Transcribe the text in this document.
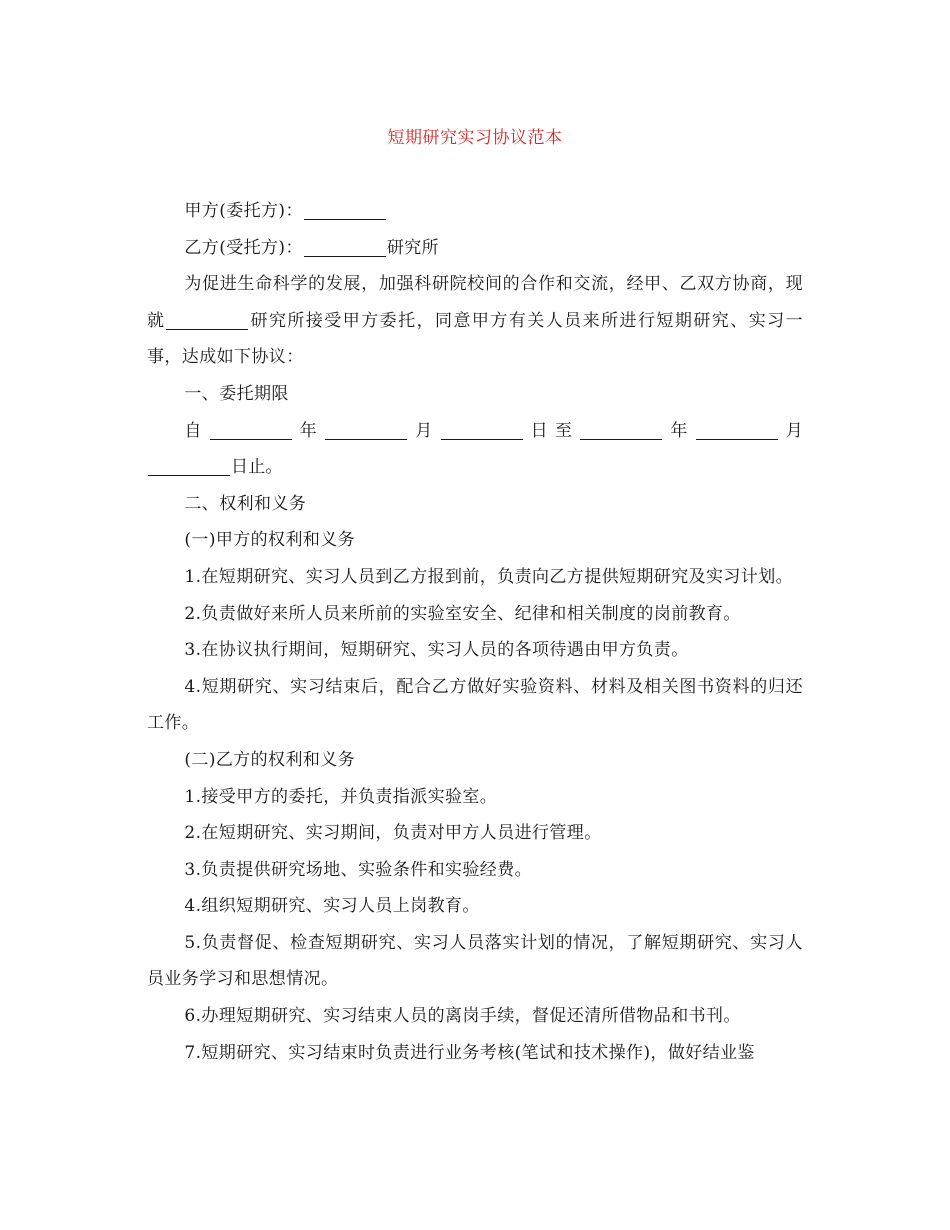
短期研究实习协议范本

甲方(委托方)：

乙方(受托方)：	研究所

为促进生命科学的发展，加强科研院校间的合作和交流，经甲、乙双方协商，现就	研究所接受甲方委托，同意甲方有关人员来所进行短期研究、实习一事，达成如下协议：

一、委托期限

自	年	月	日至	年	月日止。

二、权利和义务

(一)甲方的权利和义务

1.在短期研究、实习人员到乙方报到前，负责向乙方提供短期研究及实习计划。

2.负责做好来所人员来所前的实验室安全、纪律和相关制度的岗前教育。

3.在协议执行期间，短期研究、实习人员的各项待遇由甲方负责。

4.短期研究、实习结束后，配合乙方做好实验资料、材料及相关图书资料的归还工作。

(二)乙方的权利和义务

1.接受甲方的委托，并负责指派实验室。

2.在短期研究、实习期间，负责对甲方人员进行管理。

3.负责提供研究场地、实验条件和实验经费。

4.组织短期研究、实习人员上岗教育。

5.负责督促、检查短期研究、实习人员落实计划的情况，了解短期研究、实习人员业务学习和思想情况。

6.办理短期研究、实习结束人员的离岗手续，督促还清所借物品和书刊。

7.短期研究、实习结束时负责进行业务考核(笔试和技术操作)，做好结业鉴
